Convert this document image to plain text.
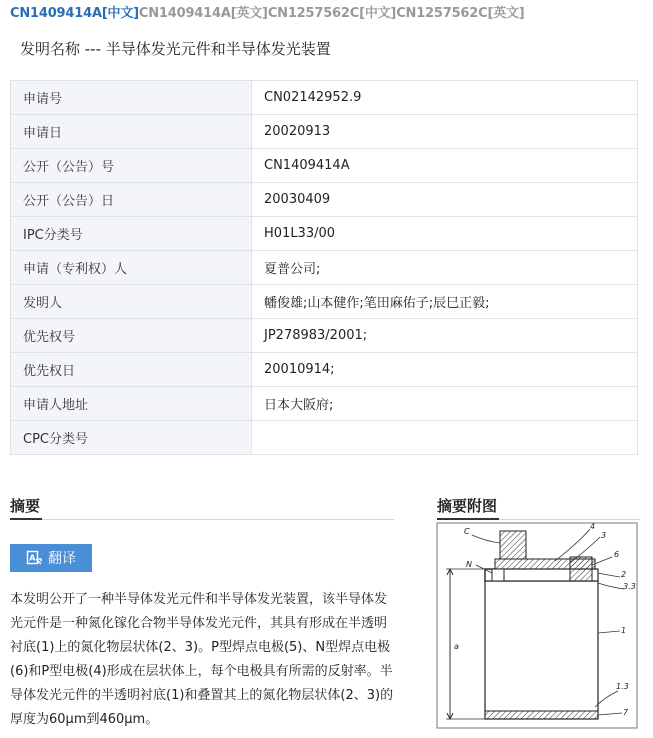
CN1409414A[中文]CN1409414A[英文]CN1257562C[中文]CN1257562C[英文]
发明名称 --- 半导体发光元件和半导体发光装置
申请号	CN02142952.9
申请日	20020913
公开（公告）号	CN1409414A
公开（公告）日	20030409
IPC分类号	H01L33/00
申请（专利权）人	夏普公司;
发明人	幡俊雄;山本健作;笔田麻佑子;辰巳正毅;
优先权号	JP278983/2001;
优先权日	20010914;
申请人地址	日本大阪府;
CPC分类号	
摘要
A 翻译
本发明公开了一种半导体发光元件和半导体发光装置，该半导体发光元件是一种氮化镓化合物半导体发光元件，其具有形成在半透明衬底(1)上的氮化物层状体(2、3)。P型焊点电极(5)、N型焊点电极(6)和P型电极(4)形成在层状体上，每个电极具有所需的反射率。半导体发光元件的半透明衬底(1)和叠置其上的氮化物层状体(2、3)的厚度为60μm到460μm。
摘要附图
C
N
4
3
6
2
3.3
1
a
1.3
7
